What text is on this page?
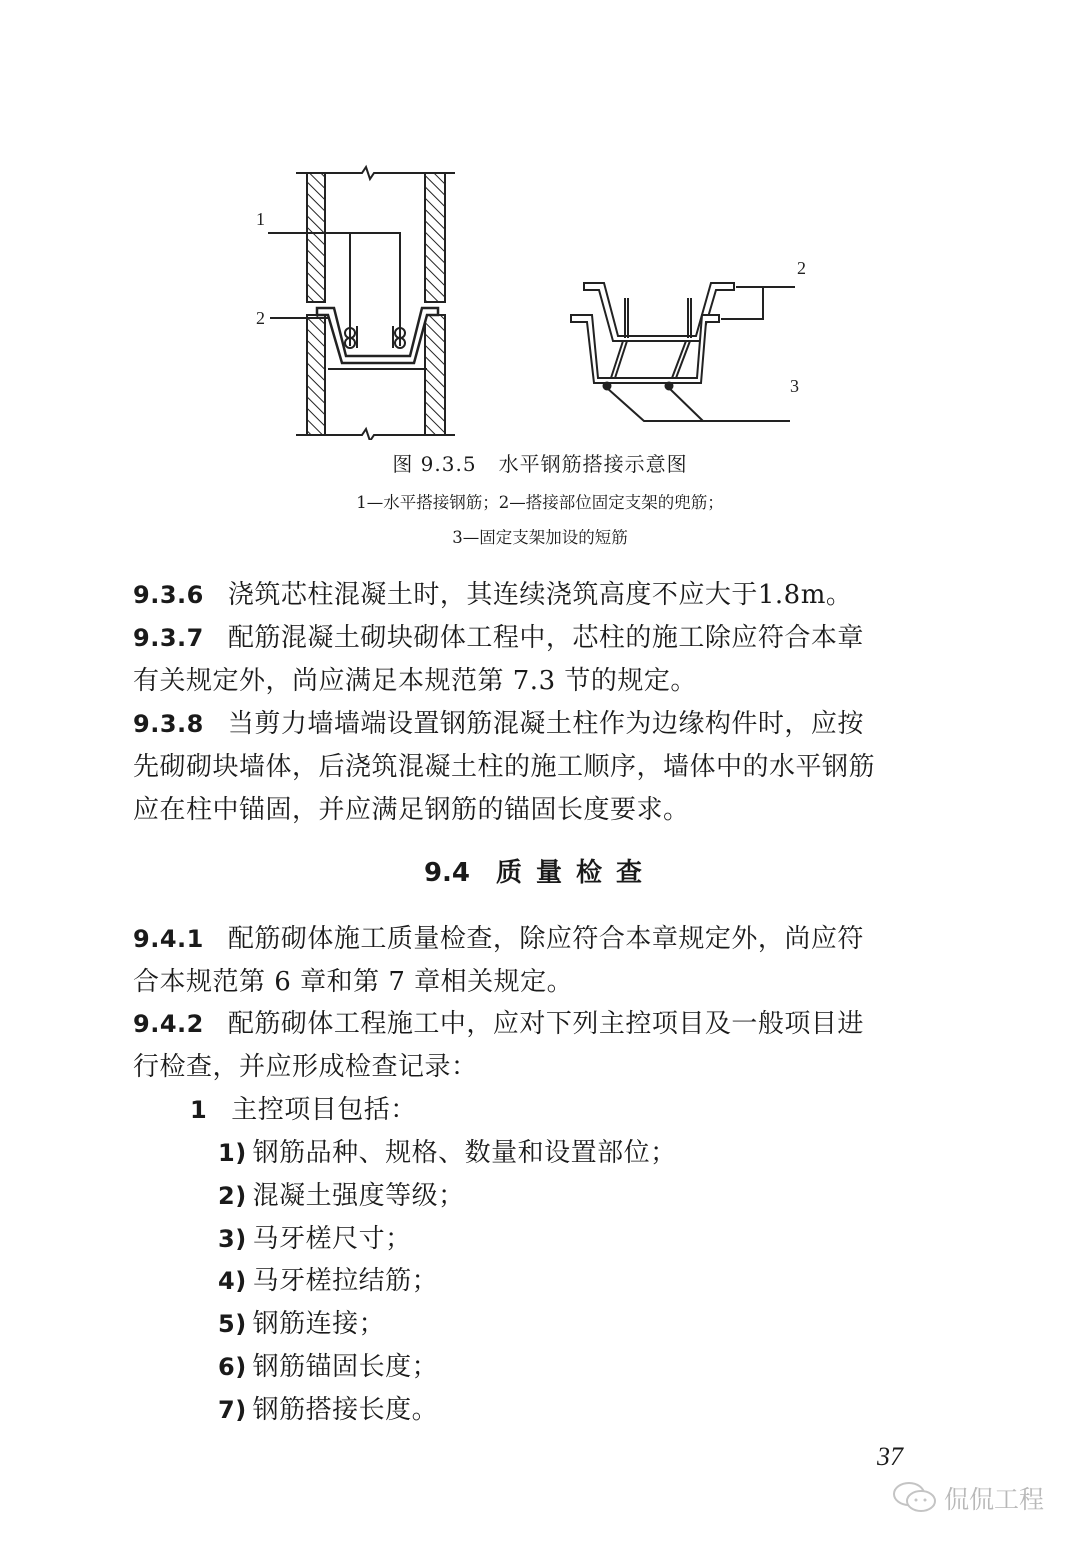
1
2
2
3
图 9.3.5   水平钢筋搭接示意图
1—水平搭接钢筋；2—搭接部位固定支架的兜筋；
3—固定支架加设的短筋
9.3.6 浇筑芯柱混凝土时，其连续浇筑高度不应大于1.8m。
9.3.7 配筋混凝土砌块砌体工程中，芯柱的施工除应符合本章
有关规定外，尚应满足本规范第 7.3 节的规定。
9.3.8 当剪力墙墙端设置钢筋混凝土柱作为边缘构件时，应按
先砌砌块墙体，后浇筑混凝土柱的施工顺序，墙体中的水平钢筋
应在柱中锚固，并应满足钢筋的锚固长度要求。
9.4 质量检查
9.4.1 配筋砌体施工质量检查，除应符合本章规定外，尚应符
合本规范第 6 章和第 7 章相关规定。
9.4.2 配筋砌体工程施工中，应对下列主控项目及一般项目进
行检查，并应形成检查记录：
1 主控项目包括：
1) 钢筋品种、规格、数量和设置部位；
2) 混凝土强度等级；
3) 马牙槎尺寸；
4) 马牙槎拉结筋；
5) 钢筋连接；
6) 钢筋锚固长度；
7) 钢筋搭接长度。
37
侃侃工程
